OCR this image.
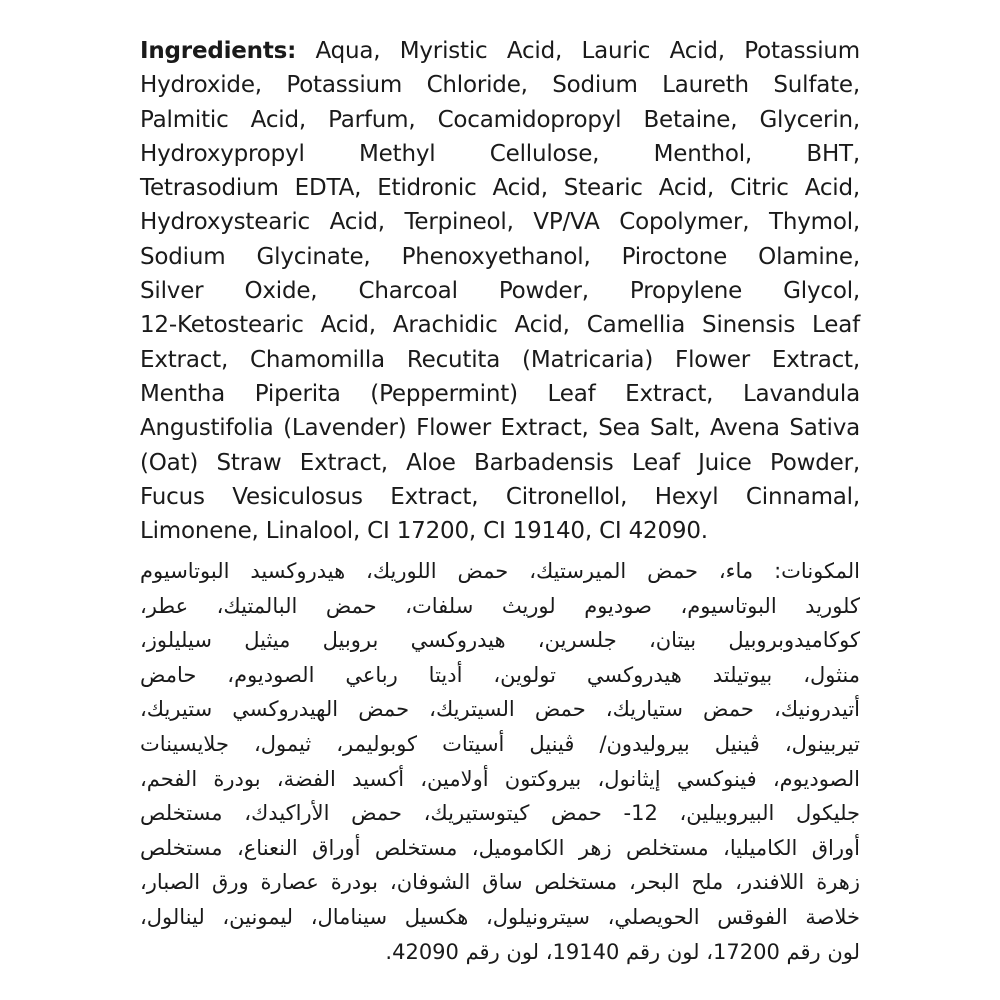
Ingredients: Aqua, Myristic Acid, Lauric Acid, Potassium
Hydroxide, Potassium Chloride, Sodium Laureth Sulfate,
Palmitic Acid, Parfum, Cocamidopropyl Betaine, Glycerin,
Hydroxypropyl Methyl Cellulose, Menthol, BHT,
Tetrasodium EDTA, Etidronic Acid, Stearic Acid, Citric Acid,
Hydroxystearic Acid, Terpineol, VP/VA Copolymer, Thymol,
Sodium Glycinate, Phenoxyethanol, Piroctone Olamine,
Silver Oxide, Charcoal Powder, Propylene Glycol,
12-Ketostearic Acid, Arachidic Acid, Camellia Sinensis Leaf
Extract, Chamomilla Recutita (Matricaria) Flower Extract,
Mentha Piperita (Peppermint) Leaf Extract, Lavandula
Angustifolia (Lavender) Flower Extract, Sea Salt, Avena Sativa
(Oat) Straw Extract, Aloe Barbadensis Leaf Juice Powder,
Fucus Vesiculosus Extract, Citronellol, Hexyl Cinnamal,
Limonene, Linalool, CI 17200, CI 19140, CI 42090.
المكونات: ماء، حمض الميرستيك، حمض اللوريك، هيدروكسيد البوتاسيوم
كلوريد البوتاسيوم، صوديوم لوريث سلفات، حمض البالمتيك، عطر،
كوكاميدوبروبيل بيتان، جلسرين، هيدروكسي بروبيل ميثيل سيليلوز،
منثول، بيوتيلتد هيدروكسي تولوين، أديتا رباعي الصوديوم، حامض
أتيدرونيك، حمض ستياريك، حمض السيتريك، حمض الهيدروكسي ستيريك،
تيربينول، ڤينيل بيروليدون/ ڤينيل أسيتات كوبوليمر، ثيمول، جلايسينات
الصوديوم، فينوكسي إيثانول، بيروكتون أولامين، أكسيد الفضة، بودرة الفحم،
جليكول البيروبيلين، 12- حمض كيتوستيريك، حمض الأراكيدك، مستخلص
أوراق الكاميليا، مستخلص زهر الكاموميل، مستخلص أوراق النعناع، مستخلص
زهرة اللافندر، ملح البحر، مستخلص ساق الشوفان، بودرة عصارة ورق الصبار،
خلاصة الفوقس الحويصلي، سيترونيلول، هكسيل سينامال، ليمونين، لينالول،
لون رقم 17200، لون رقم 19140، لون رقم 42090.
